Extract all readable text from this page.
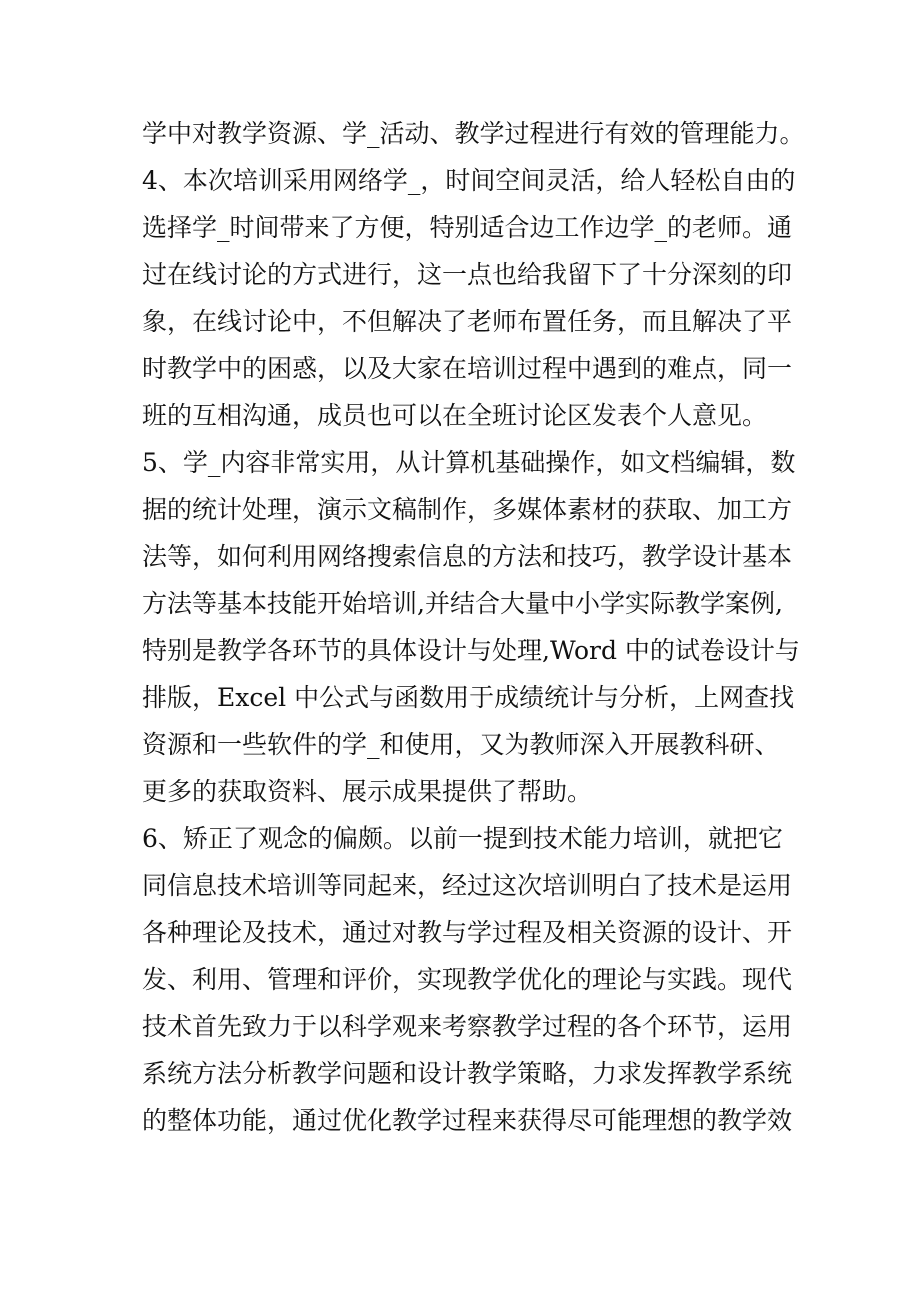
学中对教学资源、学_活动、教学过程进行有效的管理能力。
4、本次培训采用网络学_，时间空间灵活，给人轻松自由的
选择学_时间带来了方便，特别适合边工作边学_的老师。通
过在线讨论的方式进行，这一点也给我留下了十分深刻的印
象，在线讨论中，不但解决了老师布置任务，而且解决了平
时教学中的困惑，以及大家在培训过程中遇到的难点，同一
班的互相沟通，成员也可以在全班讨论区发表个人意见。
5、学_内容非常实用，从计算机基础操作，如文档编辑，数
据的统计处理，演示文稿制作，多媒体素材的获取、加工方
法等，如何利用网络搜索信息的方法和技巧，教学设计基本
方法等基本技能开始培训,并结合大量中小学实际教学案例,
特别是教学各环节的具体设计与处理,Word 中的试卷设计与
排版，Excel 中公式与函数用于成绩统计与分析，上网查找
资源和一些软件的学_和使用，又为教师深入开展教科研、
更多的获取资料、展示成果提供了帮助。
6、矫正了观念的偏颇。以前一提到技术能力培训，就把它
同信息技术培训等同起来，经过这次培训明白了技术是运用
各种理论及技术，通过对教与学过程及相关资源的设计、开
发、利用、管理和评价，实现教学优化的理论与实践。现代
技术首先致力于以科学观来考察教学过程的各个环节，运用
系统方法分析教学问题和设计教学策略，力求发挥教学系统
的整体功能，通过优化教学过程来获得尽可能理想的教学效
